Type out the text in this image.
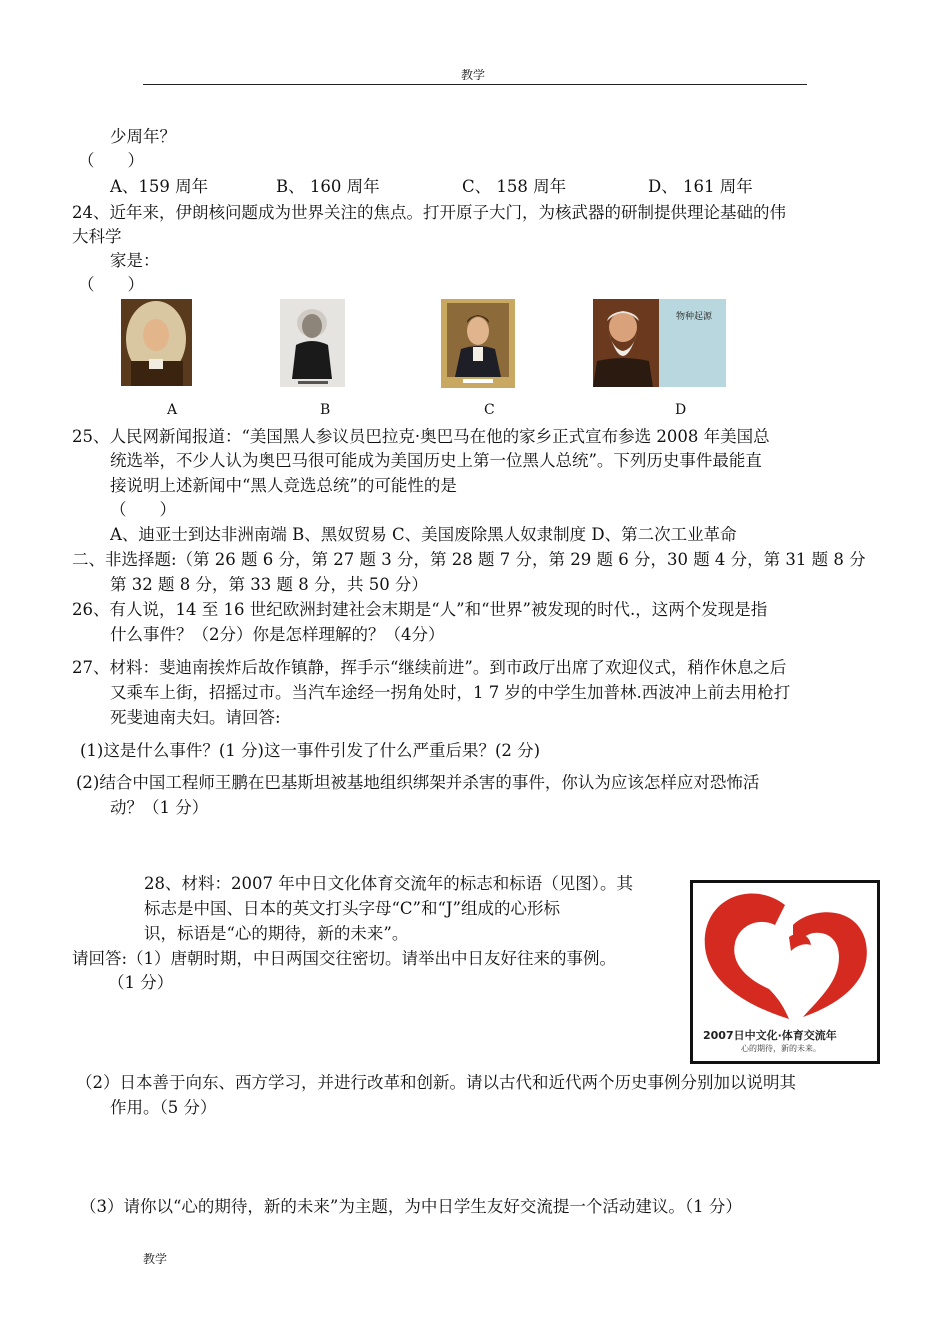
教学
少周年？
（　　）
A、159 周年	B、 160 周年	C、 158 周年	D、 161 周年
24、近年来，伊朗核问题成为世界关注的焦点。打开原子大门，为核武器的研制提供理论基础的伟
大科学
家是：
（　　）
物种起源
A	B	C	D
25、人民网新闻报道：“美国黑人参议员巴拉克·奥巴马在他的家乡正式宣布参选 2008 年美国总
统选举，不少人认为奥巴马很可能成为美国历史上第一位黑人总统”。下列历史事件最能直
接说明上述新闻中“黑人竞选总统”的可能性的是
（　　）
A、迪亚士到达非洲南端 B、黑奴贸易 C、美国废除黑人奴隶制度 D、第二次工业革命
二、非选择题:（第 26 题 6 分，第 27 题 3 分，第 28 题 7 分，第 29 题 6 分，30 题 4 分，第 31 题 8 分
第 32 题 8 分，第 33 题 8 分，共 50 分）
26、有人说，14 至 16 世纪欧洲封建社会末期是“人”和“世界”被发现的时代.，这两个发现是指
什么事件？（2分）你是怎样理解的？（4分）
27、材料：斐迪南挨炸后故作镇静，挥手示“继续前进”。到市政厅出席了欢迎仪式，稍作休息之后
又乘车上街，招摇过市。当汽车途经一拐角处时，1 7 岁的中学生加普林.西波冲上前去用枪打
死斐迪南夫妇。请回答:
(1)这是什么事件？(1 分)这一事件引发了什么严重后果？(2 分)
(2)结合中国工程师王鹏在巴基斯坦被基地组织绑架并杀害的事件，你认为应该怎样应对恐怖活
动？（1 分）
28、材料：2007 年中日文化体育交流年的标志和标语（见图）。其
标志是中国、日本的英文打头字母“C”和“J”组成的心形标
识，标语是“心的期待，新的未来”。
请回答:（1）唐朝时期，中日两国交往密切。请举出中日友好往来的事例。
（1 分）
2007日中文化·体育交流年
心的期待，新的未来。
（2）日本善于向东、西方学习，并进行改革和创新。请以古代和近代两个历史事例分别加以说明其
作用。（5 分）
（3）请你以“心的期待，新的未来”为主题，为中日学生友好交流提一个活动建议。（1 分）
教学
